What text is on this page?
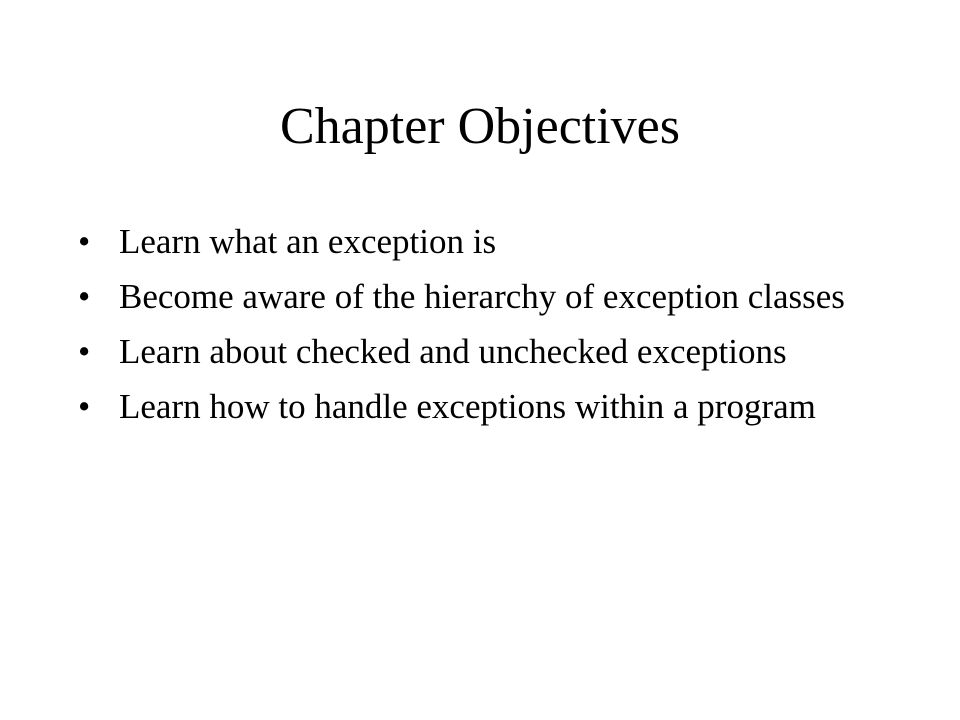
Chapter Objectives
• Learn what an exception is
• Become aware of the hierarchy of exception classes
• Learn about checked and unchecked exceptions
• Learn how to handle exceptions within a program
